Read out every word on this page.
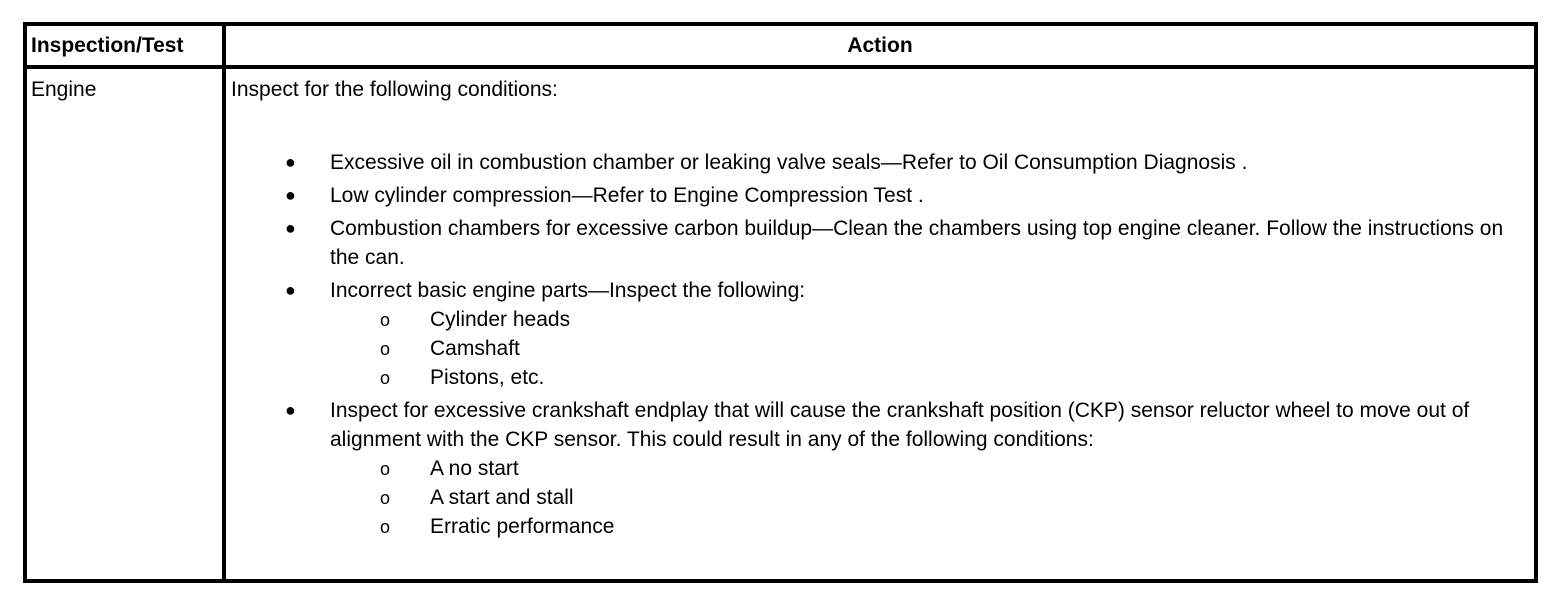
Inspection/Test	Action
Engine	Inspect for the following conditions:
●	Excessive oil in combustion chamber or leaking valve seals—Refer to Oil Consumption Diagnosis .
●	Low cylinder compression—Refer to Engine Compression Test .
●	Combustion chambers for excessive carbon buildup—Clean the chambers using top engine cleaner. Follow the instructions on the can.
●	Incorrect basic engine parts—Inspect the following:
o Cylinder heads
o Camshaft
o Pistons, etc.
●	Inspect for excessive crankshaft endplay that will cause the crankshaft position (CKP) sensor reluctor wheel to move out of alignment with the CKP sensor. This could result in any of the following conditions:
o A no start
o A start and stall
o Erratic performance
